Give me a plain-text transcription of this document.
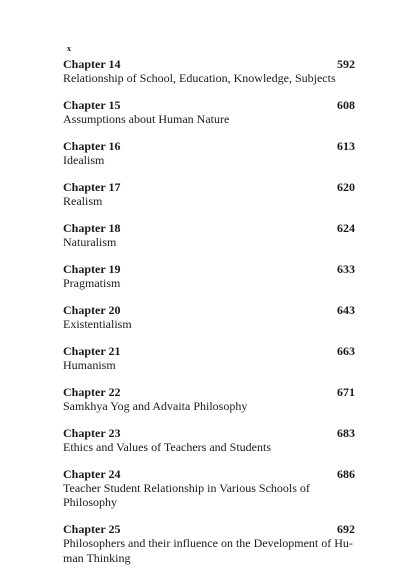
x
Chapter 14	592
Relationship of School, Education, Knowledge, Subjects
Chapter 15	608
Assumptions about Human Nature
Chapter 16	613
Idealism
Chapter 17	620
Realism
Chapter 18	624
Naturalism
Chapter 19	633
Pragmatism
Chapter 20	643
Existentialism
Chapter 21	663
Humanism
Chapter 22	671
Samkhya Yog and Advaita Philosophy
Chapter 23	683
Ethics and Values of Teachers and Students
Chapter 24	686
Teacher Student Relationship in Various Schools of Philosophy
Chapter 25	692
Philosophers and their influence on the Development of Hu-man Thinking
